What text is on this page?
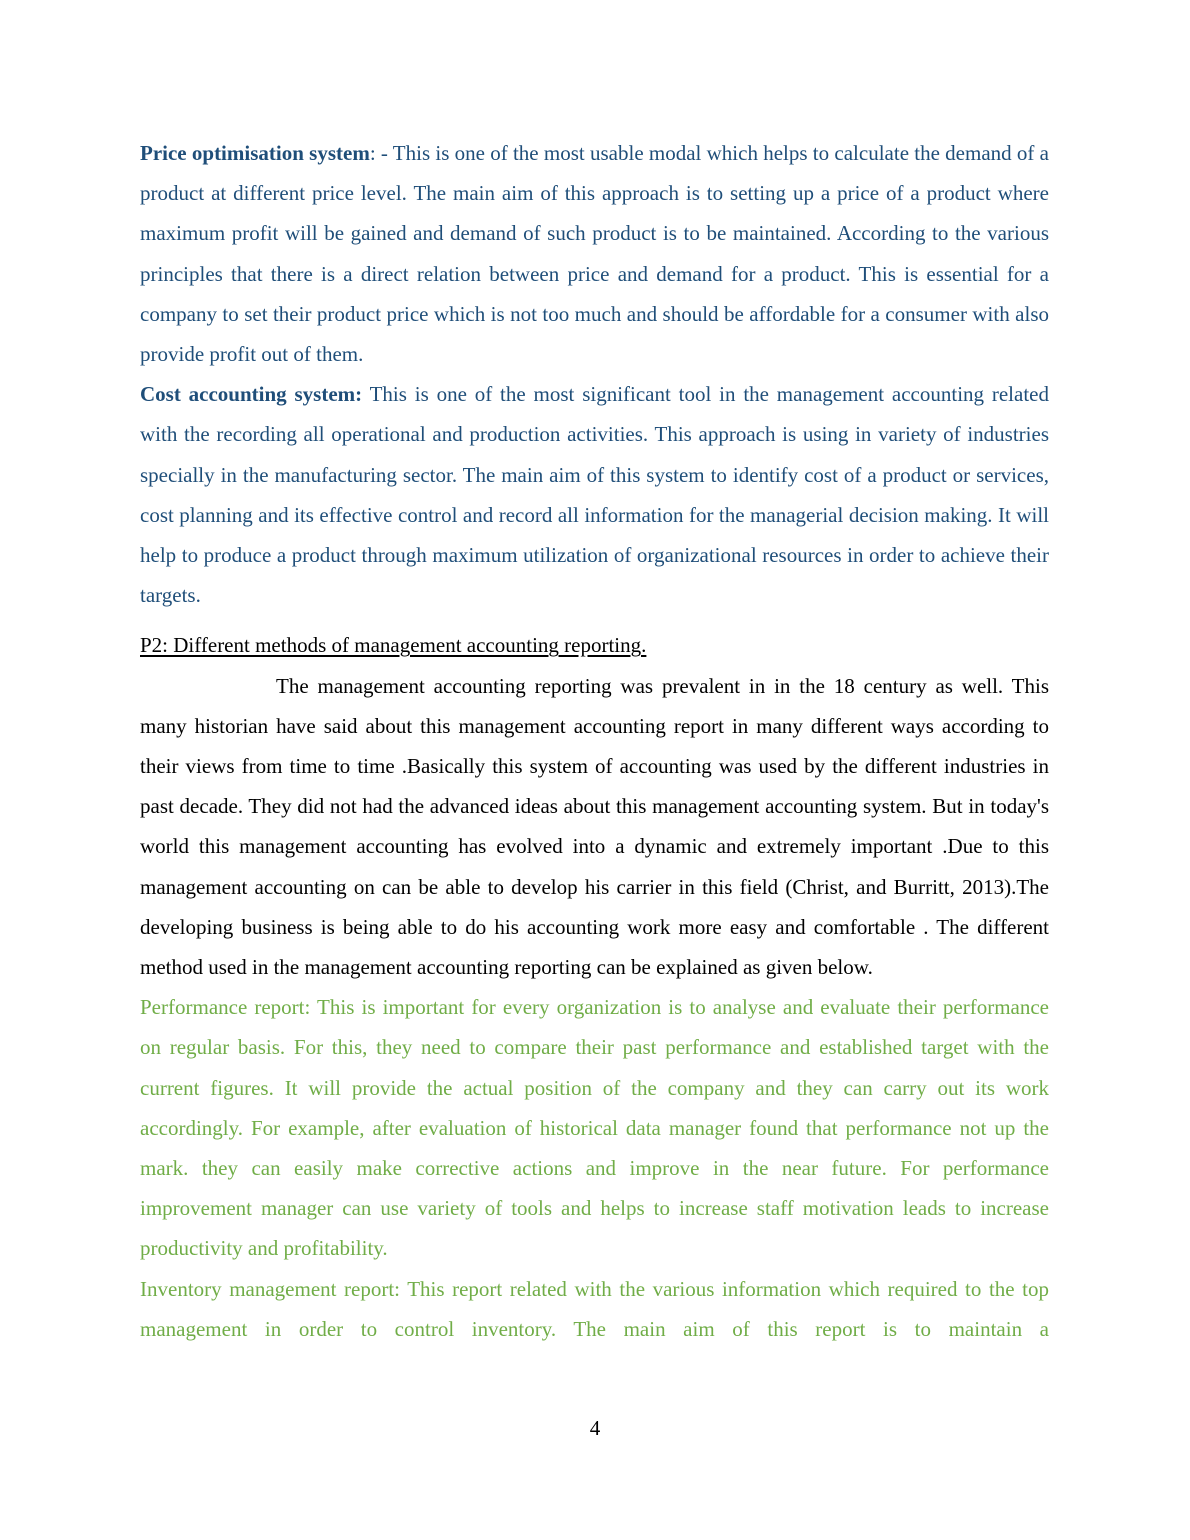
Price optimisation system: - This is one of the most usable modal which helps to calculate the demand of a product at different price level. The main aim of this approach is to setting up a price of a product where maximum profit will be gained and demand of such product is to be maintained. According to the various principles that there is a direct relation between price and demand for a product. This is essential for a company to set their product price which is not too much and should be affordable for a consumer with also provide profit out of them.

Cost accounting system: This is one of the most significant tool in the management accounting related with the recording all operational and production activities. This approach is using in variety of industries specially in the manufacturing sector. The main aim of this system to identify cost of a product or services, cost planning and its effective control and record all information for the managerial decision making. It will help to produce a product through maximum utilization of organizational resources in order to achieve their targets.

P2: Different methods of management accounting reporting.

The management accounting reporting was prevalent in in the 18 century as well. This many historian have said about this management accounting report in many different ways according to their views from time to time .Basically this system of accounting was used by the different industries in past decade. They did not had the advanced ideas about this management accounting system. But in today's world this management accounting has evolved into a dynamic and extremely important .Due to this management accounting on can be able to develop his carrier in this field (Christ, and Burritt, 2013).The developing business is being able to do his accounting work more easy and comfortable . The different method used in the management accounting reporting can be explained as given below.

Performance report: This is important for every organization is to analyse and evaluate their performance on regular basis. For this, they need to compare their past performance and established target with the current figures. It will provide the actual position of the company and they can carry out its work accordingly. For example, after evaluation of historical data manager found that performance not up the mark. they can easily make corrective actions and improve in the near future. For performance improvement manager can use variety of tools and helps to increase staff motivation leads to increase productivity and profitability.

Inventory management report: This report related with the various information which required to the top management in order to control inventory. The main aim of this report is to maintain a

4
